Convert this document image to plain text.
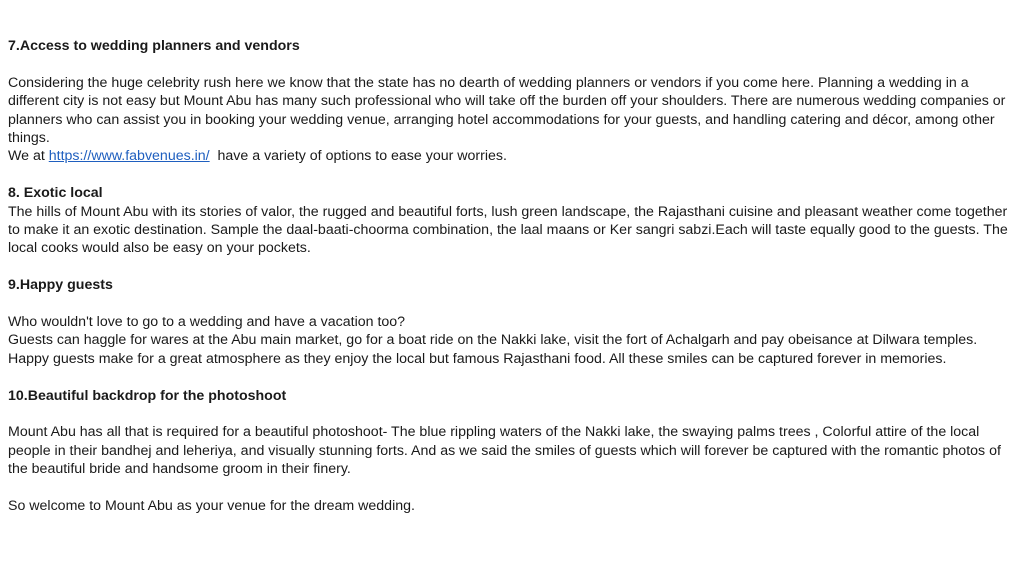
7.Access to wedding planners and vendors

Considering the huge celebrity rush here we know that the state has no dearth of wedding planners or vendors if you come here. Planning a wedding in a different city is not easy but Mount Abu has many such professional who will take off the burden off your shoulders. There are numerous wedding companies or planners who can assist you in booking your wedding venue, arranging hotel accommodations for your guests, and handling catering and décor, among other things.

We at https://www.fabvenues.in/  have a variety of options to ease your worries.

8. Exotic local

The hills of Mount Abu with its stories of valor, the rugged and beautiful forts, lush green landscape, the Rajasthani cuisine and pleasant weather come together to make it an exotic destination. Sample the daal-baati-choorma combination, the laal maans or Ker sangri sabzi.Each will taste equally good to the guests. The local cooks would also be easy on your pockets.

9.Happy guests

Who wouldn't love to go to a wedding and have a vacation too?

Guests can haggle for wares at the Abu main market, go for a boat ride on the Nakki lake, visit the fort of Achalgarh and pay obeisance at Dilwara temples. Happy guests make for a great atmosphere as they enjoy the local but famous Rajasthani food. All these smiles can be captured forever in memories.

10.Beautiful backdrop for the photoshoot

Mount Abu has all that is required for a beautiful photoshoot- The blue rippling waters of the Nakki lake, the swaying palms trees , Colorful attire of the local people in their bandhej and leheriya, and visually stunning forts. And as we said the smiles of guests which will forever be captured with the romantic photos of the beautiful bride and handsome groom in their finery.

So welcome to Mount Abu as your venue for the dream wedding.
